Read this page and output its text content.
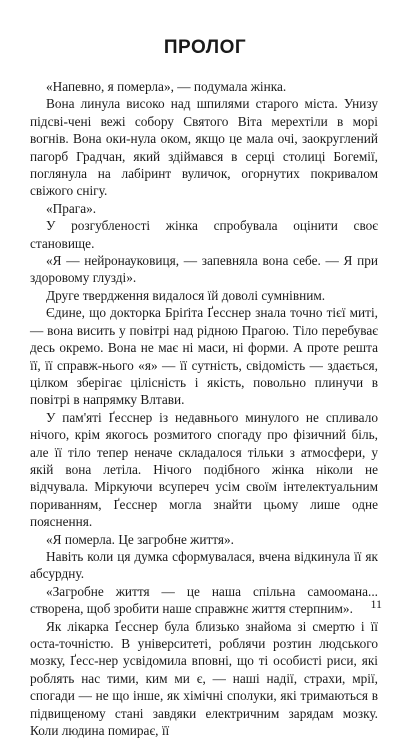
ПРОЛОГ

«Напевно, я померла», — подумала жінка.

Вона линула високо над шпилями старого міста. Унизу підсві-чені вежі собору Святого Віта мерехтіли в морі вогнів. Вона оки-нула оком, якщо це мала очі, заокруглений пагорб Градчан, який здіймався в серці столиці Богемії, поглянула на лабіринт вуличок, огорнутих покривалом свіжого снігу.

«Прага».

У розгубленості жінка спробувала оцінити своє становище.

«Я — нейронауковиця, — запевняла вона себе. — Я при здоровому глузді».

Друге твердження видалося їй доволі сумнівним.

Єдине, що докторка Бріґіта Ґесснер знала точно тієї миті, — вона висить у повітрі над рідною Прагою. Тіло перебуває десь окремо. Вона не має ні маси, ні форми. А проте решта її, її справж-нього «я» — її сутність, свідомість — здається, цілком зберігає цілісність і якість, повольно плинучи в повітрі в напрямку Влтави.

У пам'яті Ґесснер із недавнього минулого не спливало нічого, крім якогось розмитого спогаду про фізичний біль, але її тіло тепер неначе складалося тільки з атмосфери, у якій вона летіла. Нічого подібного жінка ніколи не відчувала. Міркуючи всупереч усім своїм інтелектуальним пориванням, Ґесснер могла знайти цьому лише одне пояснення.

«Я померла. Це загробне життя».

Навіть коли ця думка сформувалася, вчена відкинула її як абсурдну.

«Загробне життя — це наша спільна самоомана... створена, щоб зробити наше справжнє життя стерпним».

Як лікарка Ґесснер була близько знайома зі смертю і її оста-точністю. В університеті, роблячи розтин людського мозку, Ґесс-нер усвідомила вповні, що ті особисті риси, які роблять нас тими, ким ми є, — наші надії, страхи, мрії, спогади — не що інше, як хімічні сполуки, які тримаються в підвищеному стані завдяки електричним зарядам мозку. Коли людина помирає, її

11
